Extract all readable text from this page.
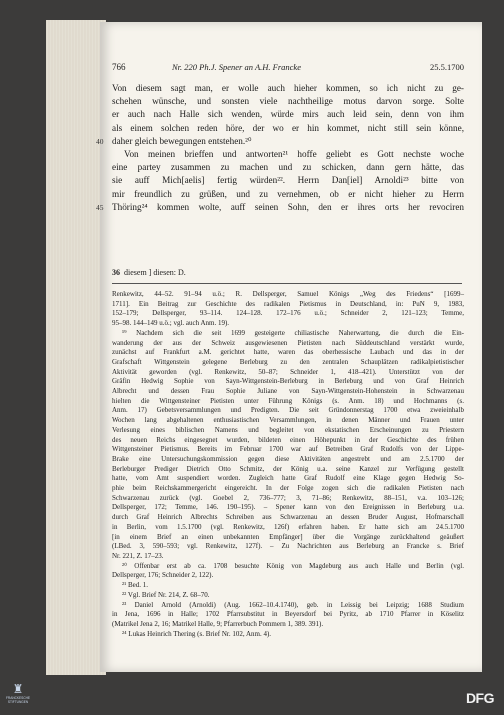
766	Nr. 220 Ph.J. Spener an A.H. Francke	25.5.1700
Von diesem sagt man, er wolle auch hieher kommen, so ich nicht zu ge-
schehen wünsche, und sonsten viele nachtheilige motus darvon sorge. Solte
er auch nach Halle sich wenden, würde mirs auch leid sein, denn von ihm
als einem solchen reden höre, der wo er hin kommet, nicht still sein könne,
40 daher gleich bewegungen entstehen.²⁰
Von meinen brieffen und antworten²¹ hoffe geliebt es Gott nechste woche
eine partey zusammen zu machen und zu schicken, dann gern hätte, das
sie auff Mich[aelis] fertig würden²². Herrn Dan[iel] Arnoldi²³ bitte von
mir freundlich zu grüßen, und zu vernehmen, ob er nicht hieher zu Herrn
45 Thöring²⁴ kommen wolte, auff seinen Sohn, den er ihres orts her revociren
36 diesem ] diesen: D.
Renkewitz, 44–52. 91–94 u.ö.; R. Dellsperger, Samuel Königs „Weg des Friedens“ [1699–
1711]. Ein Beitrag zur Geschichte des radikalen Pietismus in Deutschland, in: PuN 9, 1983,
152–179; Dellsperger, 93–114. 124–128. 172–176 u.ö.; Schneider 2, 121–123; Temme,
95–98. 144–149 u.ö.; vgl. auch Anm. 19).
¹⁹ Nachdem sich die seit 1699 gesteigerte chiliastische Naherwartung, die durch die Ein-
wanderung der aus der Schweiz ausgewiesenen Pietisten nach Süddeutschland verstärkt wurde,
zunächst auf Frankfurt a.M. gerichtet hatte, waren das oberhessische Laubach und das in der
Grafschaft Wittgenstein gelegene Berleburg zu den zentralen Schauplätzen radikalpietistischer
Aktivität geworden (vgl. Renkewitz, 50–87; Schneider 1, 418–421). Unterstützt von der
Gräfin Hedwig Sophie von Sayn-Wittgenstein-Berleburg in Berleburg und von Graf Heinrich
Albrecht und dessen Frau Sophie Juliane von Sayn-Wittgenstein-Hohenstein in Schwarzenau
hielten die Wittgensteiner Pietisten unter Führung Königs (s. Anm. 18) und Hochmanns (s.
Anm. 17) Gebetsversammlungen und Predigten. Die seit Gründonnerstag 1700 etwa zweieinhalb
Wochen lang abgehaltenen enthusiastischen Versammlungen, in denen Männer und Frauen unter
Verlesung eines biblischen Namens und begleitet von ekstatischen Erscheinungen zu Priestern
des neuen Reichs eingesegnet wurden, bildeten einen Höhepunkt in der Geschichte des frühen
Wittgensteiner Pietismus. Bereits im Februar 1700 war auf Betreiben Graf Rudolfs von der Lippe-
Brake eine Untersuchungskommission gegen diese Aktivitäten angestrebt und am 2.5.1700 der
Berleburger Prediger Dietrich Otto Schmitz, der König u.a. seine Kanzel zur Verfügung gestellt
hatte, vom Amt suspendiert worden. Zugleich hatte Graf Rudolf eine Klage gegen Hedwig So-
phie beim Reichskammergericht eingereicht. In der Folge zogen sich die radikalen Pietisten nach
Schwarzenau zurück (vgl. Goebel 2, 736–777; 3, 71–86; Renkewitz, 88–151, v.a. 103–126;
Dellsperger, 172; Temme, 146. 190–195). – Spener kann von den Ereignissen in Berleburg u.a.
durch Graf Heinrich Albrechts Schreiben aus Schwarzenau an dessen Bruder August, Hofmarschall
in Berlin, vom 1.5.1700 (vgl. Renkewitz, 126f) erfahren haben. Er hatte sich am 24.5.1700
[in einem Brief an einen unbekannten Empfänger] über die Vorgänge zurückhaltend geäußert
(LBed. 3, 590–593; vgl. Renkewitz, 127f). – Zu Nachrichten aus Berleburg an Francke s. Brief
Nr. 221, Z. 17–23.
²⁰ Offenbar erst ab ca. 1708 besuchte König von Magdeburg aus auch Halle und Berlin (vgl.
Dellsperger, 176; Schneider 2, 122).
²¹ Bed. 1.
²² Vgl. Brief Nr. 214, Z. 68–70.
²³ Daniel Arnold (Arnoldi) (Aug. 1662–10.4.1740), geb. in Leissig bei Leipzig; 1688 Studium
in Jena, 1696 in Halle; 1702 Pfarrsubstitut in Beyersdorf bei Pyritz, ab 1710 Pfarrer in Köselitz
(Matrikel Jena 2, 16; Matrikel Halle, 9; Pfarrerbuch Pommern 1, 389. 391).
²⁴ Lukas Heinrich Thering (s. Brief Nr. 102, Anm. 4).
♜
FRANCKESCHE STIFTUNGEN	DFG
